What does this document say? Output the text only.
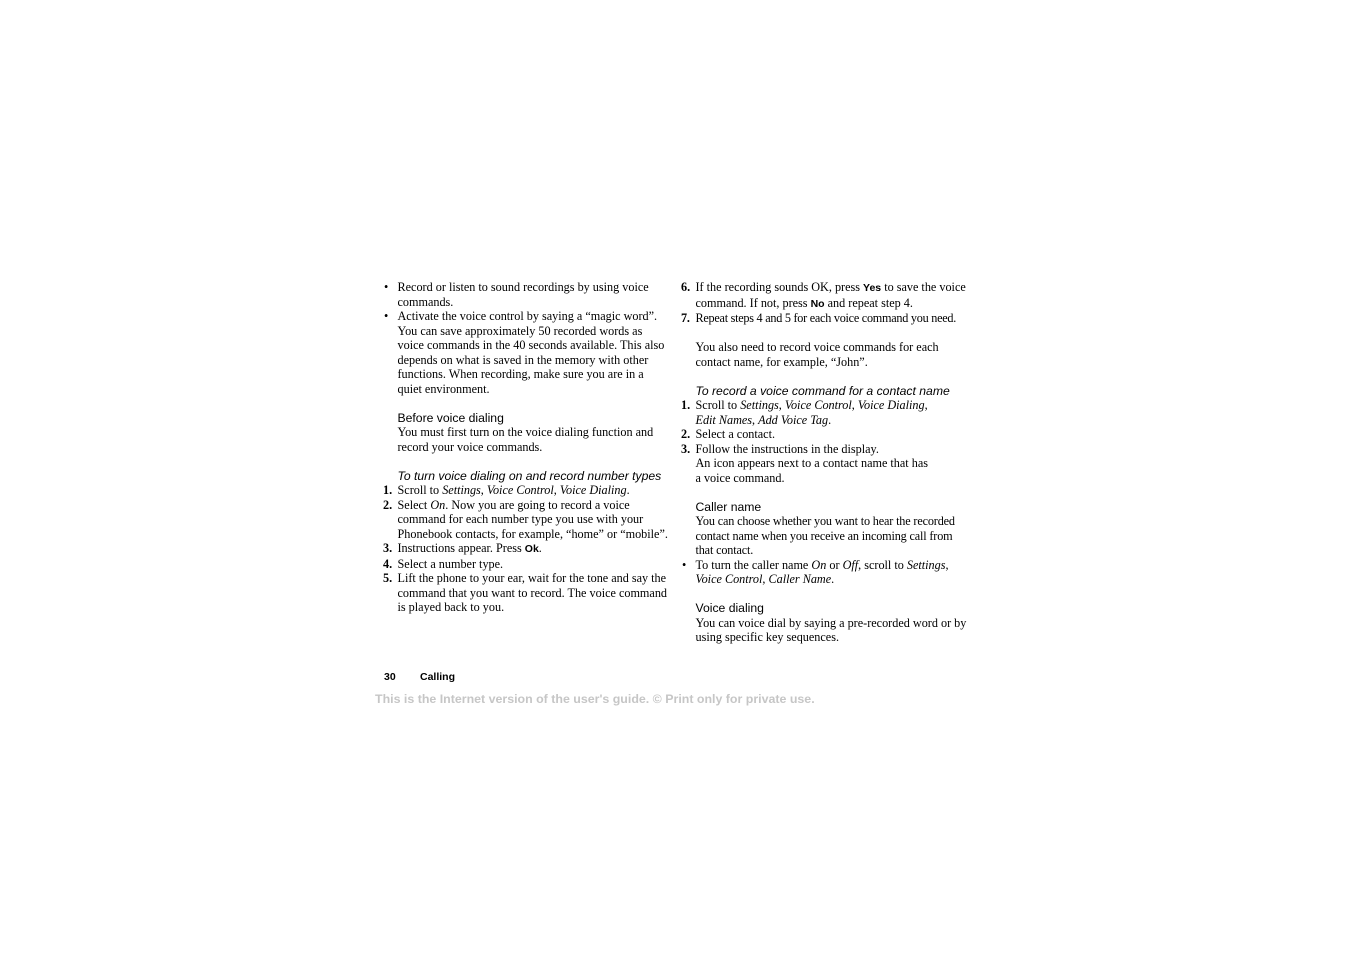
• Record or listen to sound recordings by using voice commands.
• Activate the voice control by saying a “magic word”. You can save approximately 50 recorded words as voice commands in the 40 seconds available. This also depends on what is saved in the memory with other functions. When recording, make sure you are in a quiet environment.
Before voice dialing
You must first turn on the voice dialing function and record your voice commands.
To turn voice dialing on and record number types
1. Scroll to Settings, Voice Control, Voice Dialing.
2. Select On. Now you are going to record a voice command for each number type you use with your Phonebook contacts, for example, “home” or “mobile”.
3. Instructions appear. Press Ok.
4. Select a number type.
5. Lift the phone to your ear, wait for the tone and say the command that you want to record. The voice command is played back to you.
6. If the recording sounds OK, press Yes to save the voice command. If not, press No and repeat step 4.
7. Repeat steps 4 and 5 for each voice command you need.
You also need to record voice commands for each contact name, for example, “John”.
To record a voice command for a contact name
1. Scroll to Settings, Voice Control, Voice Dialing,
Edit Names, Add Voice Tag.
2. Select a contact.
3. Follow the instructions in the display.
An icon appears next to a contact name that has
a voice command.
Caller name
You can choose whether you want to hear the recorded contact name when you receive an incoming call from that contact.
• To turn the caller name On or Off, scroll to Settings,
Voice Control, Caller Name.
Voice dialing
You can voice dial by saying a pre-recorded word or by using specific key sequences.
30 Calling
This is the Internet version of the user's guide. © Print only for private use.
